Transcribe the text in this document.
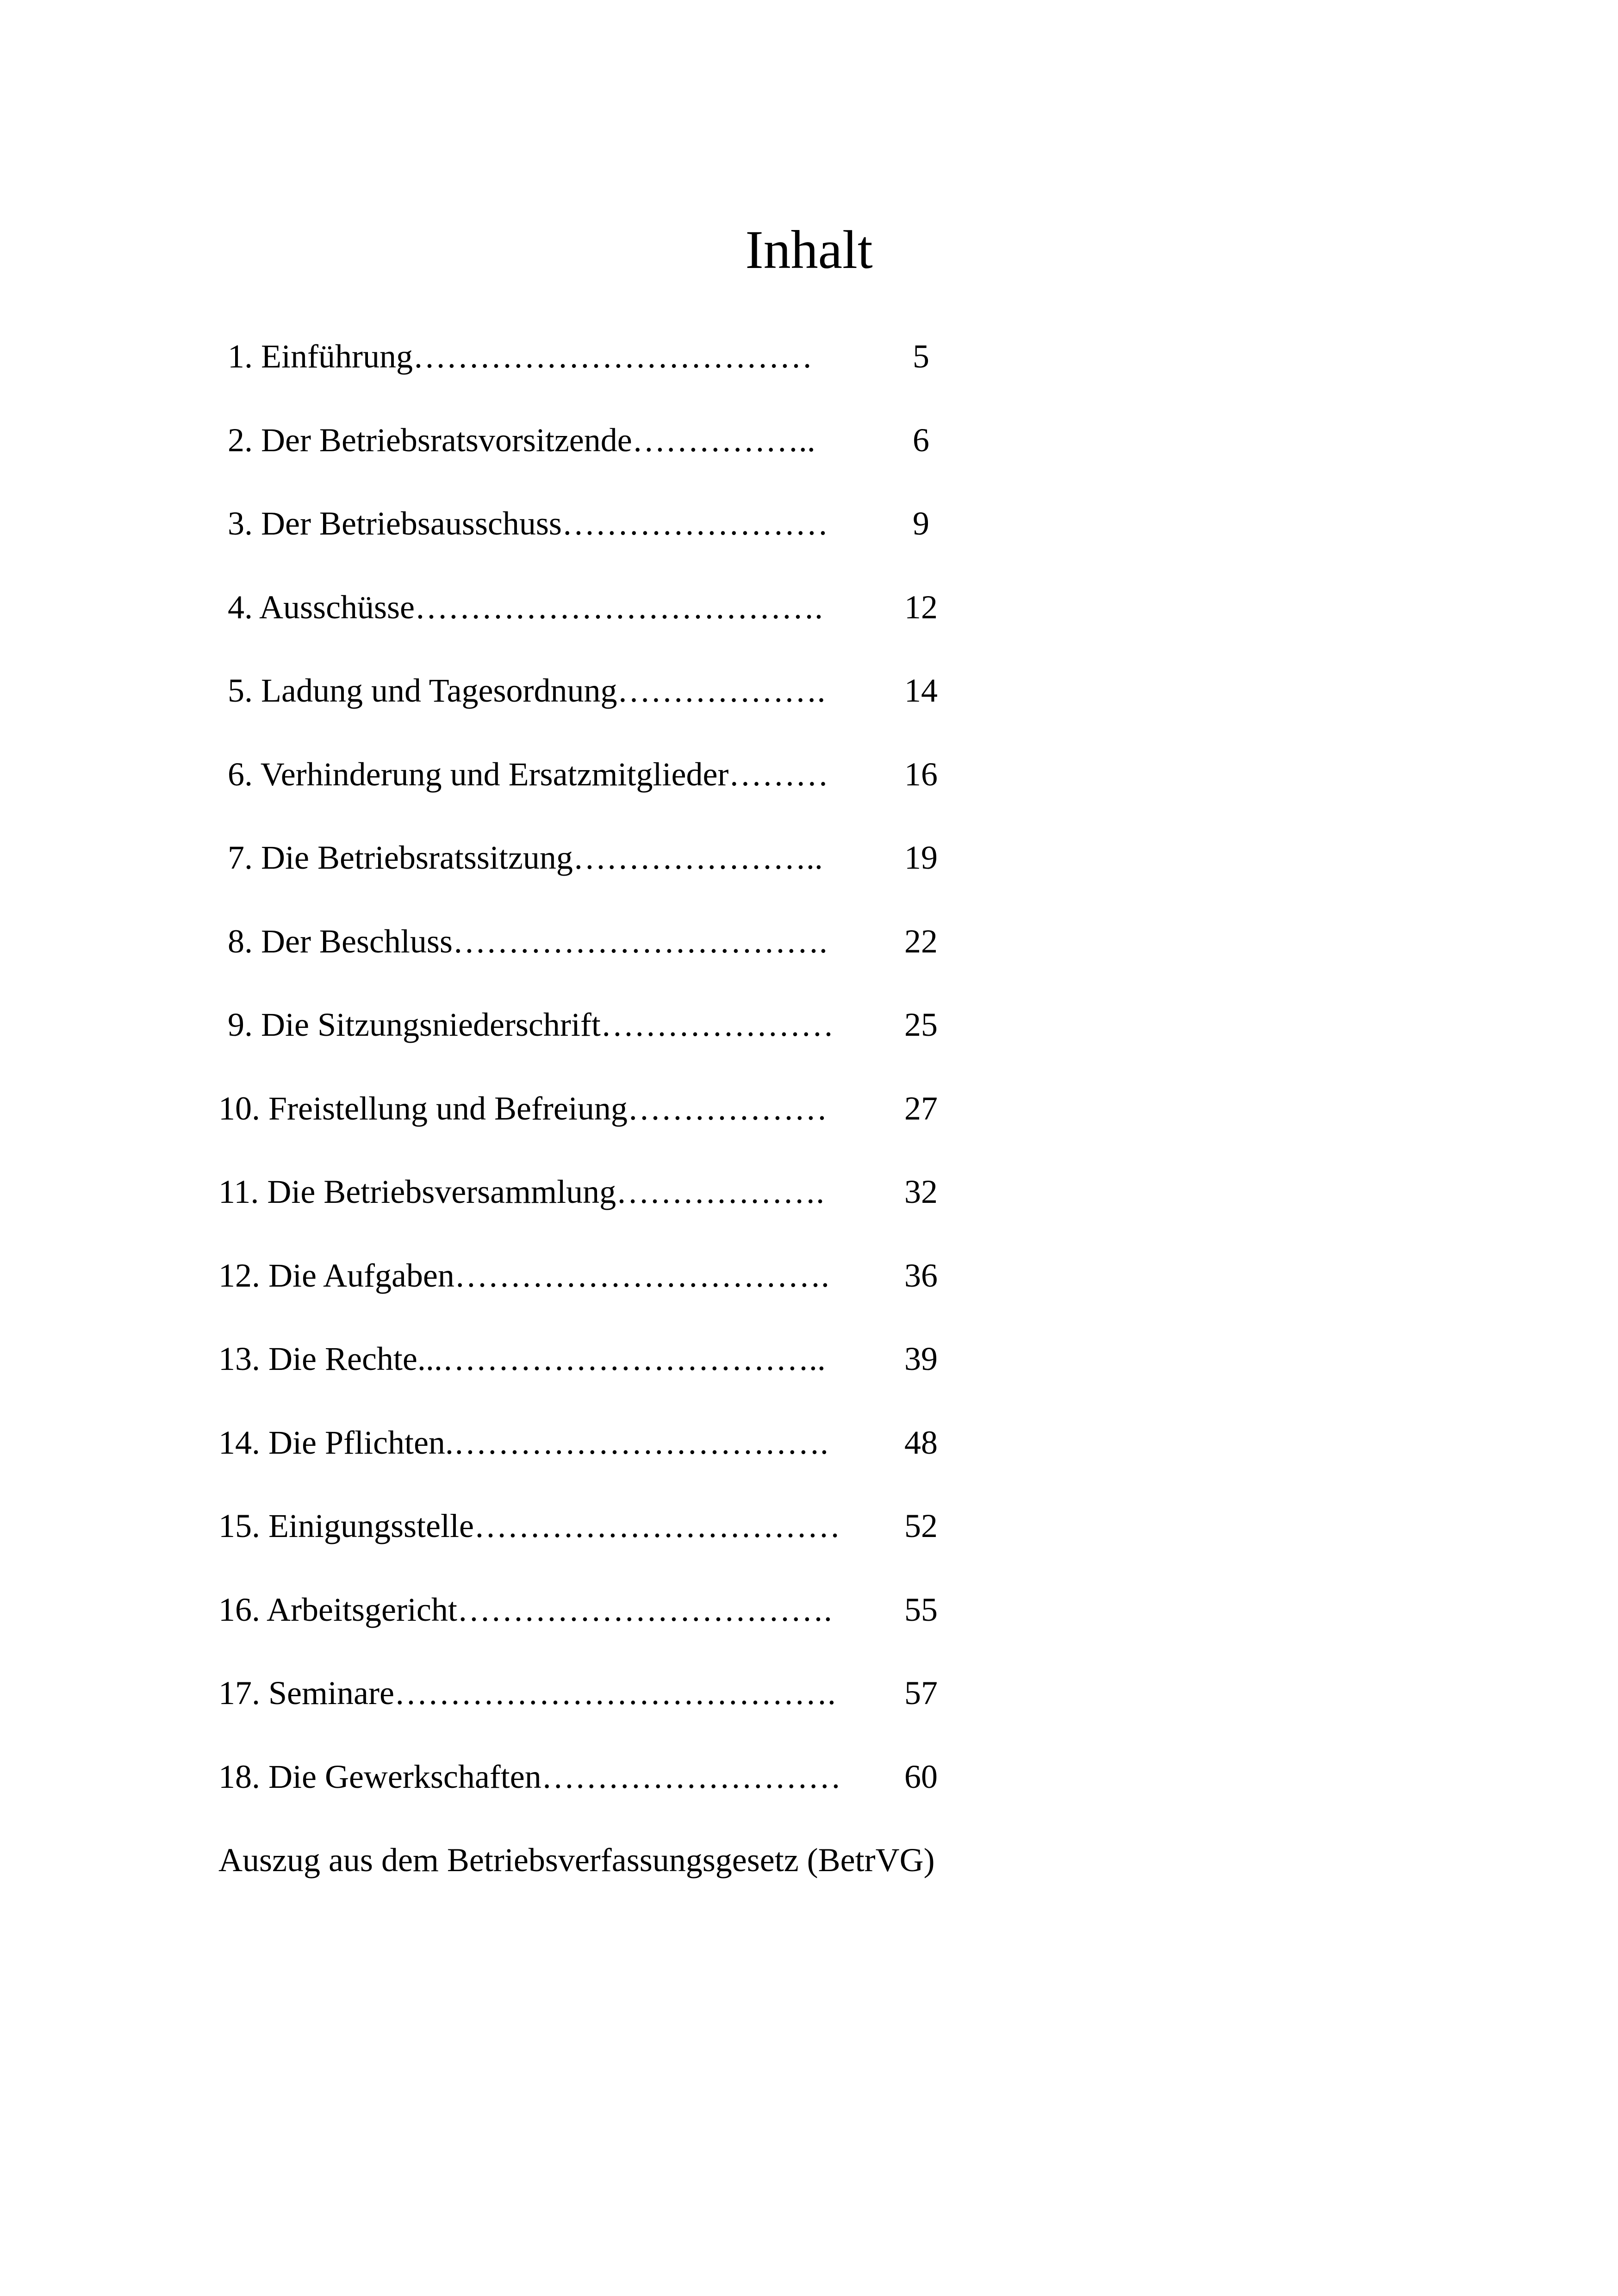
Inhalt
1. Einführung………………………………	5
2. Der Betriebsratsvorsitzende……………..	6
3. Der Betriebsausschuss……………………	9
4. Ausschüsse……………………………….	12
5. Ladung und Tagesordnung……………….	14
6. Verhinderung und Ersatzmitglieder………	16
7. Die Betriebsratssitzung…………………..	19
8. Der Beschluss…………………………….	22
9. Die Sitzungsniederschrift…………………	25
10. Freistellung und Befreiung………………	27
11. Die Betriebsversammlung……………….	32
12. Die Aufgaben…………………………….	36
13. Die Rechte...……………………………..	39
14. Die Pflichten.…………………………….	48
15. Einigungsstelle……………………………	52
16. Arbeitsgericht…………………………….	55
17. Seminare………………………………….	57
18. Die Gewerkschaften………………………	60
Auszug aus dem Betriebsverfassungsgesetz (BetrVG)
